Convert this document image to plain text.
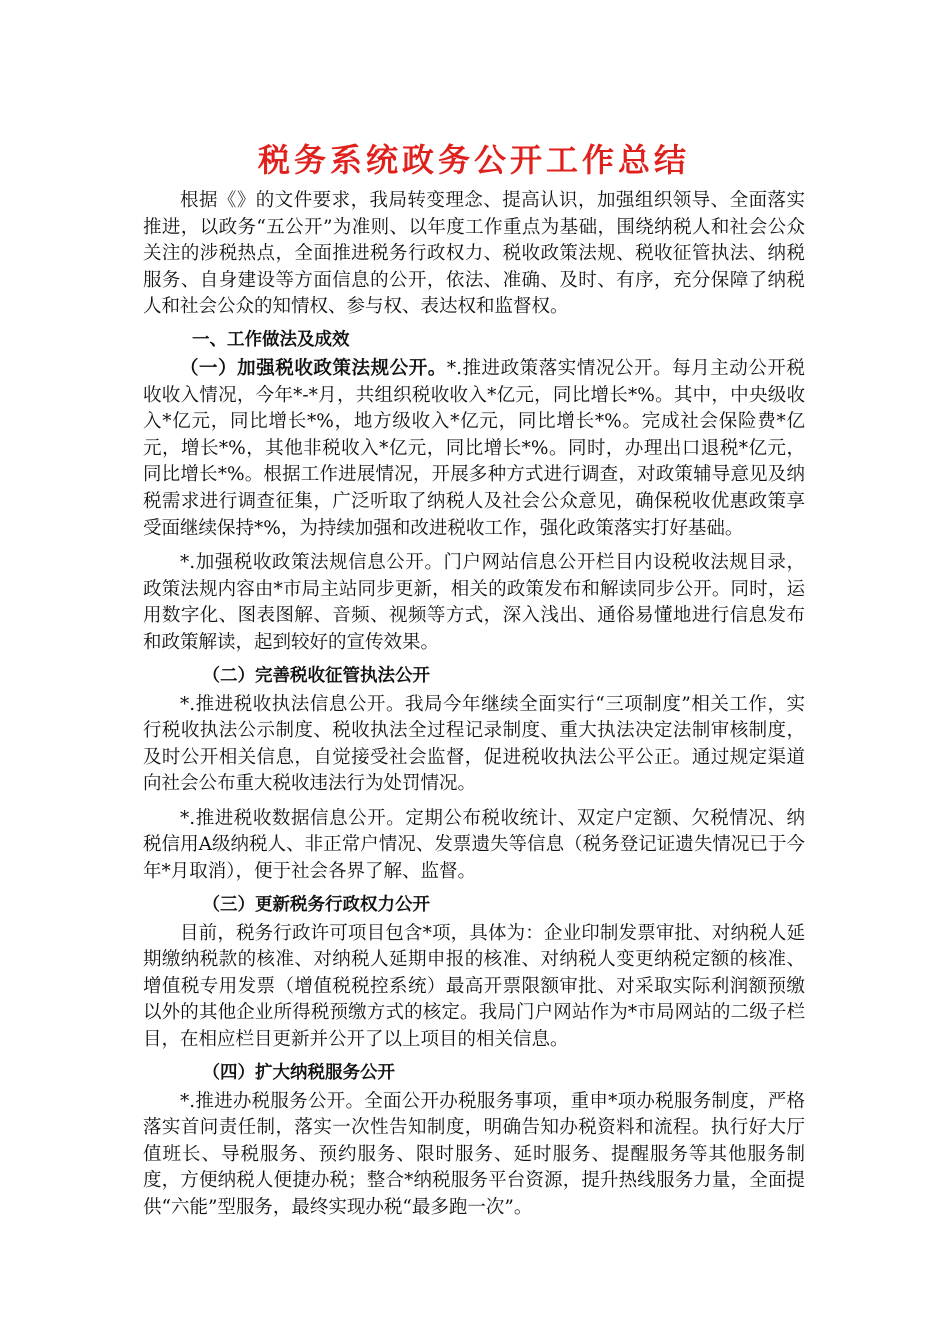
税务系统政务公开工作总结

根据《》的文件要求，我局转变理念、提高认识，加强组织领导、全面落实推进，以政务“五公开”为准则、以年度工作重点为基础，围绕纳税人和社会公众关注的涉税热点，全面推进税务行政权力、税收政策法规、税收征管执法、纳税服务、自身建设等方面信息的公开，依法、准确、及时、有序，充分保障了纳税人和社会公众的知情权、参与权、表达权和监督权。

一、工作做法及成效

（一）加强税收政策法规公开。*.推进政策落实情况公开。每月主动公开税收收入情况，今年*-*月，共组织税收收入*亿元，同比增长*%。其中，中央级收入*亿元，同比增长*%，地方级收入*亿元，同比增长*%。完成社会保险费*亿元，增长*%，其他非税收入*亿元，同比增长*%。同时，办理出口退税*亿元，同比增长*%。根据工作进展情况，开展多种方式进行调查，对政策辅导意见及纳税需求进行调查征集，广泛听取了纳税人及社会公众意见，确保税收优惠政策享受面继续保持*%，为持续加强和改进税收工作，强化政策落实打好基础。

*.加强税收政策法规信息公开。门户网站信息公开栏目内设税收法规目录，政策法规内容由*市局主站同步更新，相关的政策发布和解读同步公开。同时，运用数字化、图表图解、音频、视频等方式，深入浅出、通俗易懂地进行信息发布和政策解读，起到较好的宣传效果。

（二）完善税收征管执法公开

*.推进税收执法信息公开。我局今年继续全面实行“三项制度”相关工作，实行税收执法公示制度、税收执法全过程记录制度、重大执法决定法制审核制度，及时公开相关信息，自觉接受社会监督，促进税收执法公平公正。通过规定渠道向社会公布重大税收违法行为处罚情况。

*.推进税收数据信息公开。定期公布税收统计、双定户定额、欠税情况、纳税信用A级纳税人、非正常户情况、发票遗失等信息（税务登记证遗失情况已于今年*月取消），便于社会各界了解、监督。

（三）更新税务行政权力公开

目前，税务行政许可项目包含*项，具体为：企业印制发票审批、对纳税人延期缴纳税款的核准、对纳税人延期申报的核准、对纳税人变更纳税定额的核准、增值税专用发票（增值税税控系统）最高开票限额审批、对采取实际利润额预缴以外的其他企业所得税预缴方式的核定。我局门户网站作为*市局网站的二级子栏目，在相应栏目更新并公开了以上项目的相关信息。

（四）扩大纳税服务公开

*.推进办税服务公开。全面公开办税服务事项，重申*项办税服务制度，严格落实首问责任制，落实一次性告知制度，明确告知办税资料和流程。执行好大厅值班长、导税服务、预约服务、限时服务、延时服务、提醒服务等其他服务制度，方便纳税人便捷办税；整合*纳税服务平台资源，提升热线服务力量，全面提供“六能”型服务，最终实现办税“最多跑一次”。
